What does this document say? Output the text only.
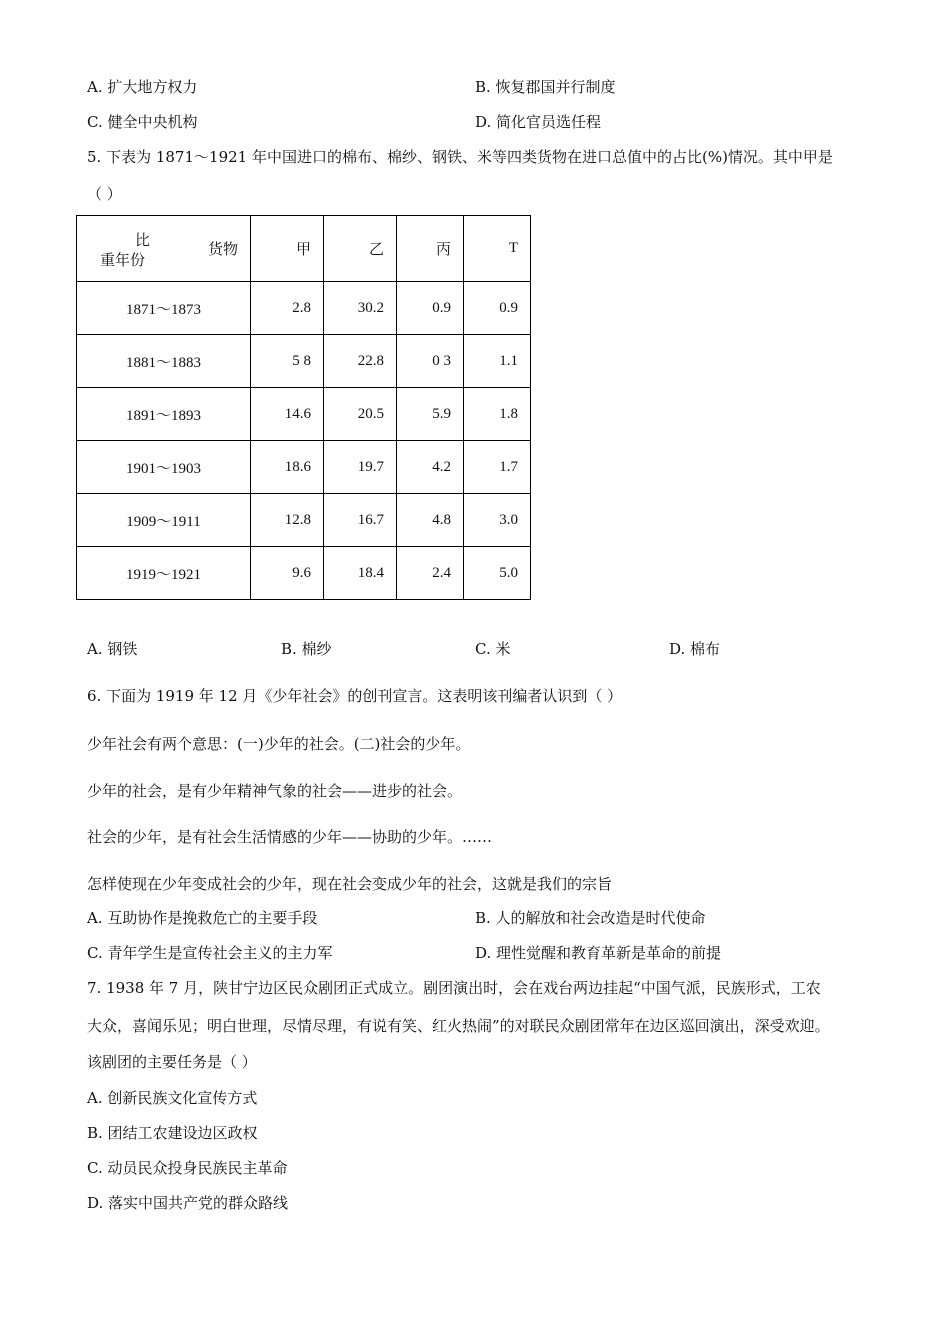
A. 扩大地方权力	B. 恢复郡国并行制度
C. 健全中央机构	D. 简化官员选任程
5. 下表为 1871～1921 年中国进口的棉布、棉纱、钢铁、米等四类货物在进口总值中的占比(%)情况。其中甲是
（ ）
比
货物
重年份	甲	乙	丙	T
1871～1873	2.8	30.2	0.9	0.9
1881～1883	5 8	22.8	0 3	1.1
1891～1893	14.6	20.5	5.9	1.8
1901～1903	18.6	19.7	4.2	1.7
1909～1911	12.8	16.7	4.8	3.0
1919～1921	9.6	18.4	2.4	5.0
A. 钢铁	B. 棉纱	C. 米	D. 棉布
6. 下面为 1919 年 12 月《少年社会》的创刊宣言。这表明该刊编者认识到（ ）
少年社会有两个意思：(一)少年的社会。(二)社会的少年。
少年的社会，是有少年精神气象的社会——进步的社会。
社会的少年，是有社会生活情感的少年——协助的少年。……
怎样使现在少年变成社会的少年，现在社会变成少年的社会，这就是我们的宗旨
A. 互助协作是挽救危亡的主要手段	B. 人的解放和社会改造是时代使命
C. 青年学生是宣传社会主义的主力军	D. 理性觉醒和教育革新是革命的前提
7. 1938 年 7 月，陕甘宁边区民众剧团正式成立。剧团演出时，会在戏台两边挂起“中国气派，民族形式，工农
大众，喜闻乐见；明白世理，尽情尽理，有说有笑、红火热闹”的对联民众剧团常年在边区巡回演出，深受欢迎。
该剧团的主要任务是（ ）
A. 创新民族文化宣传方式
B. 团结工农建设边区政权
C. 动员民众投身民族民主革命
D. 落实中国共产党的群众路线
